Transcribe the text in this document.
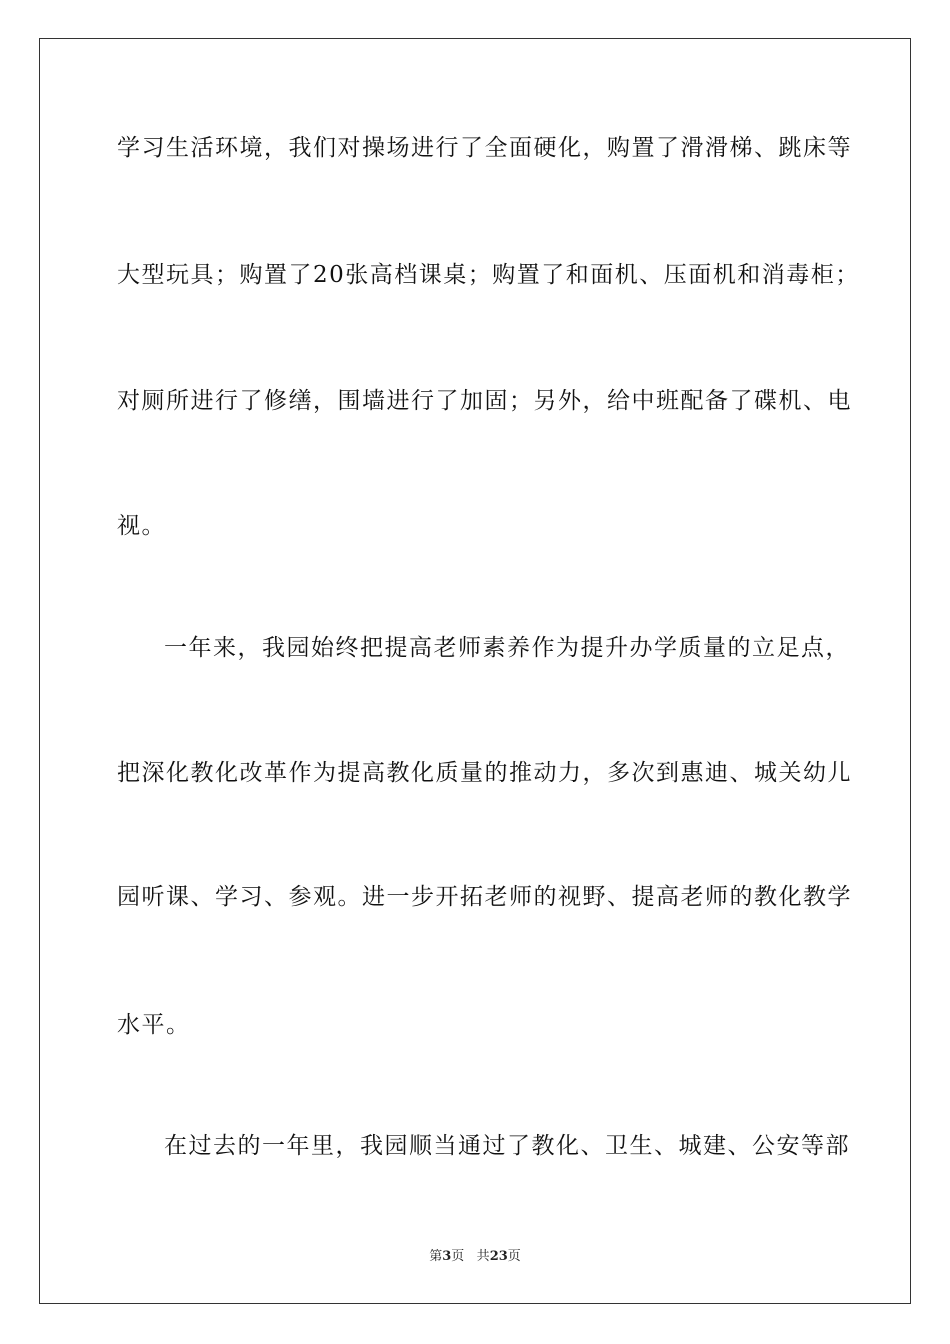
学习生活环境，我们对操场进行了全面硬化，购置了滑滑梯、跳床等
大型玩具；购置了20张高档课桌；购置了和面机、压面机和消毒柜；
对厕所进行了修缮，围墙进行了加固；另外，给中班配备了碟机、电
视。
一年来，我园始终把提高老师素养作为提升办学质量的立足点，
把深化教化改革作为提高教化质量的推动力，多次到惠迪、城关幼儿
园听课、学习、参观。进一步开拓老师的视野、提高老师的教化教学
水平。
在过去的一年里，我园顺当通过了教化、卫生、城建、公安等部
第3页 共23页
